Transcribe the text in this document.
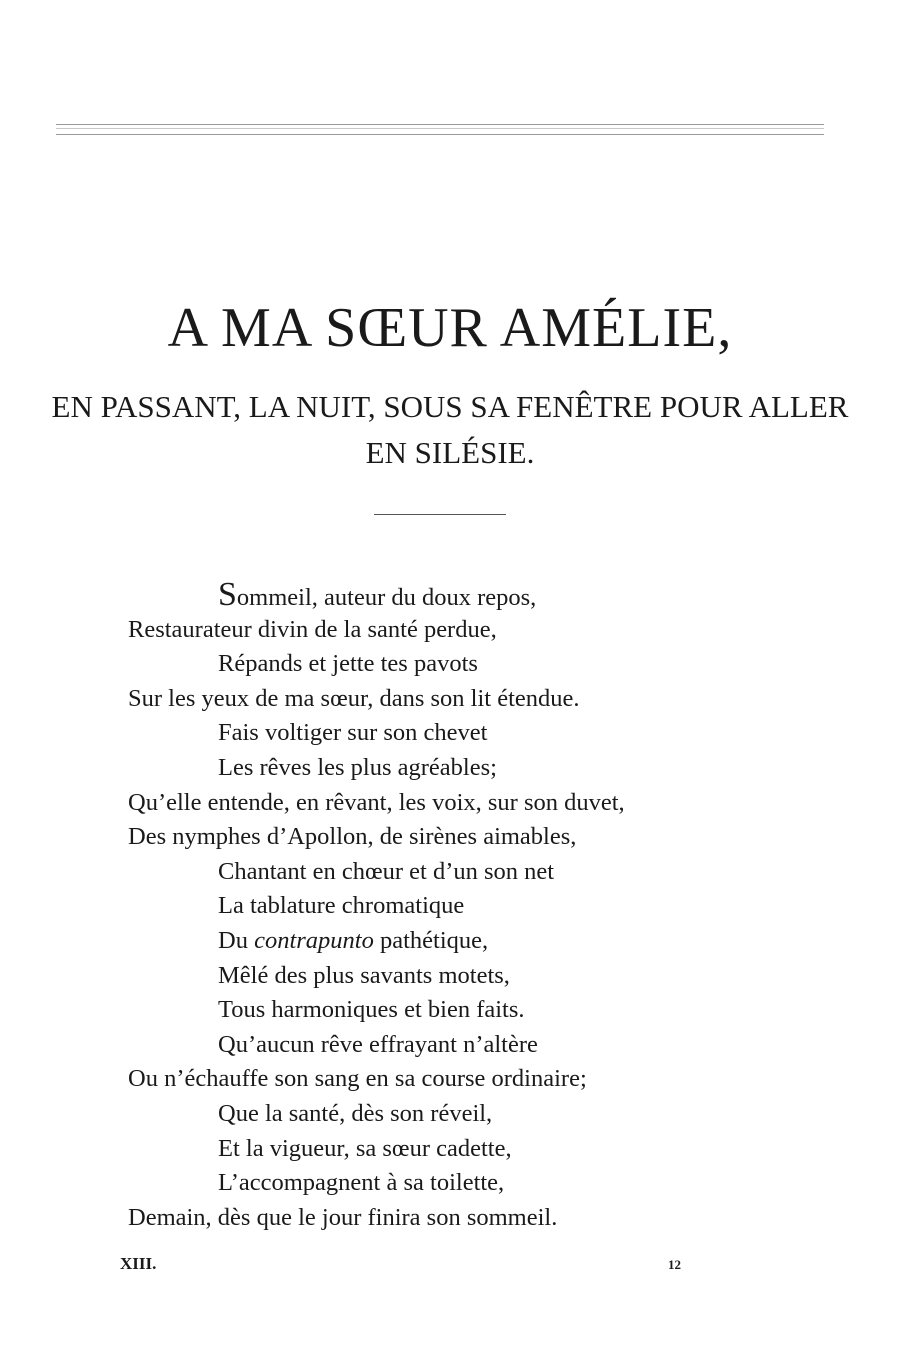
A MA SŒUR AMÉLIE,
EN PASSANT, LA NUIT, SOUS SA FENÊTRE POUR ALLER EN SILÉSIE.
Sommeil, auteur du doux repos,
Restaurateur divin de la santé perdue,
Répands et jette tes pavots
Sur les yeux de ma sœur, dans son lit étendue.
Fais voltiger sur son chevet
Les rêves les plus agréables;
Qu’elle entende, en rêvant, les voix, sur son duvet,
Des nymphes d’Apollon, de sirènes aimables,
Chantant en chœur et d’un son net
La tablature chromatique
Du contrapunto pathétique,
Mêlé des plus savants motets,
Tous harmoniques et bien faits.
Qu’aucun rêve effrayant n’altère
Ou n’échauffe son sang en sa course ordinaire;
Que la santé, dès son réveil,
Et la vigueur, sa sœur cadette,
L’accompagnent à sa toilette,
Demain, dès que le jour finira son sommeil.
XIII.	12
